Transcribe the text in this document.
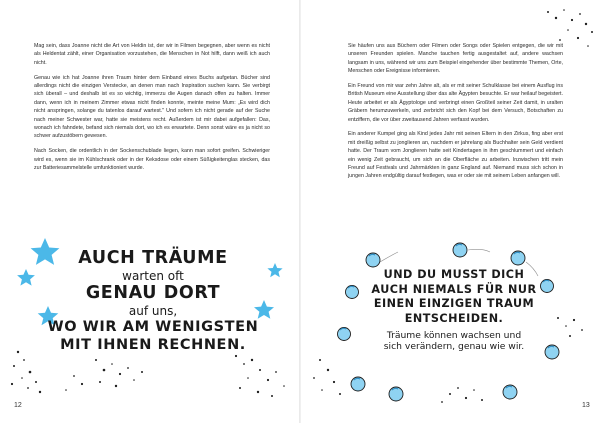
Mag sein, dass Joanne nicht die Art von Heldin ist, der wir in Filmen begegnen, aber wenn es nicht als Heldentat zählt, einer Organisation vorzustehen, die Menschen in Not hilft, dann weiß ich auch nicht.

Genau wie ich hat Joanne ihren Traum hinter dem Einband eines Buchs aufgetan. Bücher sind allerdings nicht die einzigen Verstecke, an denen man nach Inspiration suchen kann. Sie verbirgt sich überall – und deshalb ist es so wichtig, immerzu die Augen danach offen zu halten. Immer dann, wenn ich in meinem Zimmer etwas nicht finden konnte, meinte meine Mum: „Es wird dich nicht anspringen, solange du tatenlos darauf wartest." Und sofern ich nicht gerade auf der Suche nach meiner Schwester war, hatte sie meistens recht. Außerdem ist mir dabei aufgefallen: Das, wonach ich fahndete, befand sich niemals dort, wo ich es erwartete. Denn sonst wäre es ja nicht so schwer aufzustöbern gewesen.

Nach Socken, die ordentlich in der Sockenschublade liegen, kann man sofort greifen. Schwieriger wird es, wenn sie im Kühlschrank oder in der Keksdose oder einem Süßigkeitenglas stecken, das zur Batteriesammelstelle umfunktioniert wurde.

AUCH TRÄUME
warten oft
GENAU DORT
auf uns,
WO WIR AM WENIGSTEN
MIT IHNEN RECHNEN.
12

Sie häufen uns aus Büchern oder Filmen oder Songs oder Spielen entgegen, die wir mit unseren Freunden spielen. Manche tauchen fertig ausgestaltet auf, andere wachsen langsam in uns, während wir uns zum Beispiel eingehender über bestimmte Themen, Orte, Menschen oder Ereignisse informieren.

Ein Freund von mir war zehn Jahre alt, als er mit seiner Schulklasse bei einem Ausflug ins British Museum eine Ausstellung über das alte Ägypten besuchte. Er war heilauf begeistert. Heute arbeitet er als Ägyptologe und verbringt einen Großteil seiner Zeit damit, in uralten Gräbern herumzuwerkeln, und zerbricht sich den Kopf bei dem Versuch, Botschaften zu entziffern, die vor über zweitausend Jahren verfasst wurden.

Ein anderer Kumpel ging als Kind jedes Jahr mit seinen Eltern in den Zirkus, fing aber erst mit dreißig selbst zu jonglieren an, nachdem er jahrelang als Buchhalter sein Geld verdient hatte. Der Traum vom Jonglieren hatte seit Kindertagen in ihm geschlummert und einfach ein wenig Zeit gebraucht, um sich an die Oberfläche zu arbeiten. Inzwischen tritt mein Freund auf Festivals und Jahrmärkten in ganz England auf. Niemand muss sich schon in jungen Jahren endgültig darauf festlegen, was er oder sie mit seinem Leben anfangen will.

UND DU MUSST DICH
AUCH NIEMALS FÜR NUR
EINEN EINZIGEN TRAUM
ENTSCHEIDEN.
Träume können wachsen und
sich verändern, genau wie wir.
13
